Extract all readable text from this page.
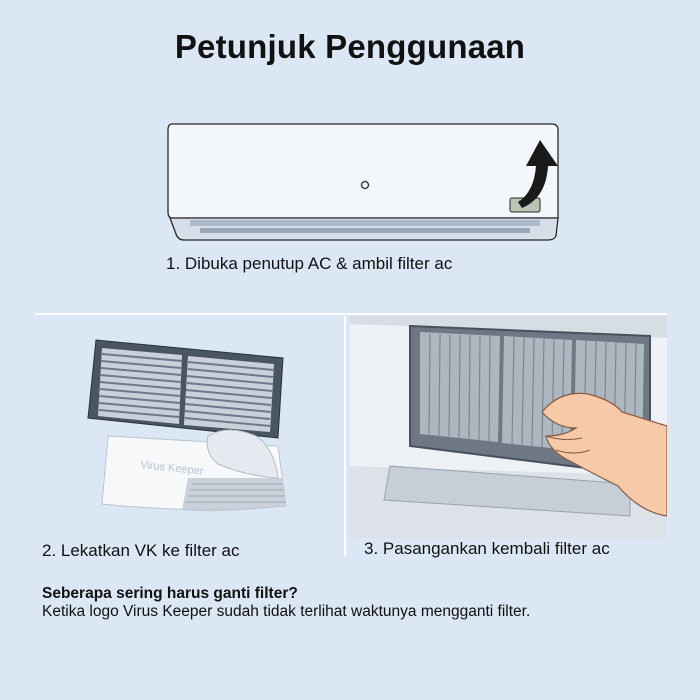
Petunjuk Penggunaan
1. Dibuka penutup AC & ambil filter ac
Virus Keeper
2. Lekatkan VK ke filter ac	3. Pasangankan kembali filter ac
Seberapa sering harus ganti filter?
Ketika logo Virus Keeper sudah tidak terlihat waktunya mengganti filter.
